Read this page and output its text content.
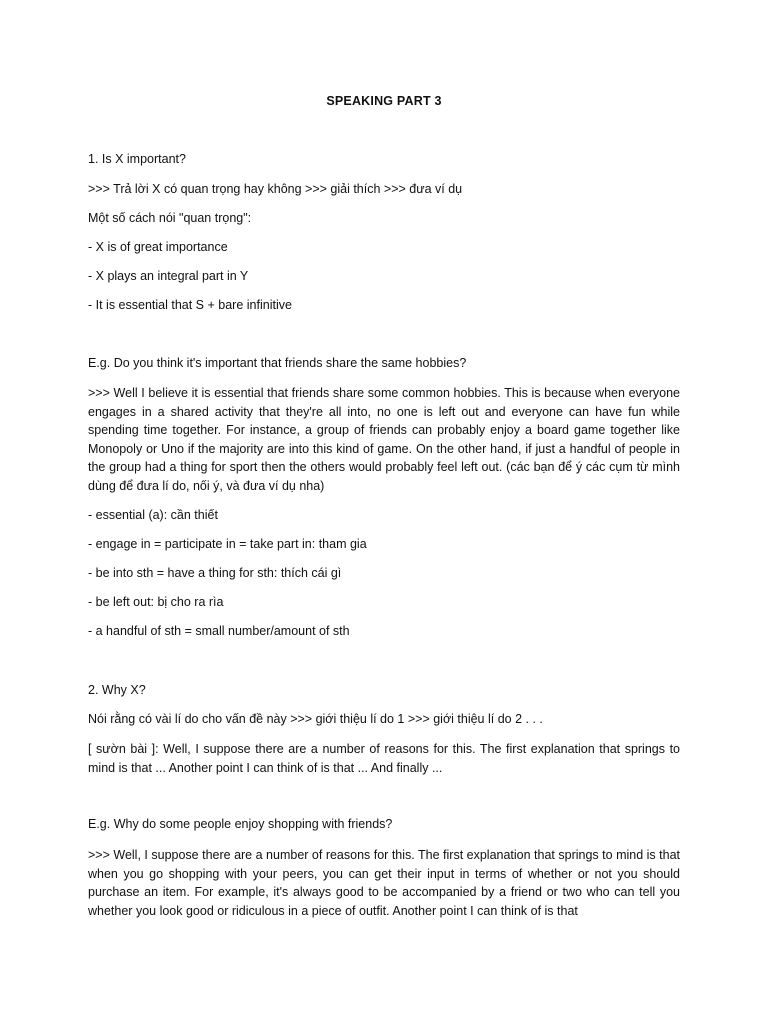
SPEAKING PART 3
1. Is X important?
>>> Trả lời X có quan trọng hay không >>> giải thích >>> đưa ví dụ
Một số cách nói "quan trọng":
- X is of great importance
- X plays an integral part in Y
- It is essential that S + bare infinitive
E.g. Do you think it's important that friends share the same hobbies?
>>> Well I believe it is essential that friends share some common hobbies. This is because when everyone engages in a shared activity that they're all into, no one is left out and everyone can have fun while spending time together. For instance, a group of friends can probably enjoy a board game together like Monopoly or Uno if the majority are into this kind of game. On the other hand, if just a handful of people in the group had a thing for sport then the others would probably feel left out. (các bạn để ý các cụm từ mình dùng để đưa lí do, nối ý, và đưa ví dụ nha)
- essential (a): cần thiết
- engage in = participate in = take part in: tham gia
- be into sth = have a thing for sth: thích cái gì
- be left out: bị cho ra rìa
- a handful of sth = small number/amount of sth
2. Why X?
Nói rằng có vài lí do cho vấn đề này >>> giới thiệu lí do 1 >>> giới thiệu lí do 2 . . .
[ sườn bài ]: Well, I suppose there are a number of reasons for this. The first explanation that springs to mind is that ... Another point I can think of is that ... And finally ...
E.g. Why do some people enjoy shopping with friends?
>>> Well, I suppose there are a number of reasons for this. The first explanation that springs to mind is that when you go shopping with your peers, you can get their input in terms of whether or not you should purchase an item. For example, it's always good to be accompanied by a friend or two who can tell you whether you look good or ridiculous in a piece of outfit. Another point I can think of is that
